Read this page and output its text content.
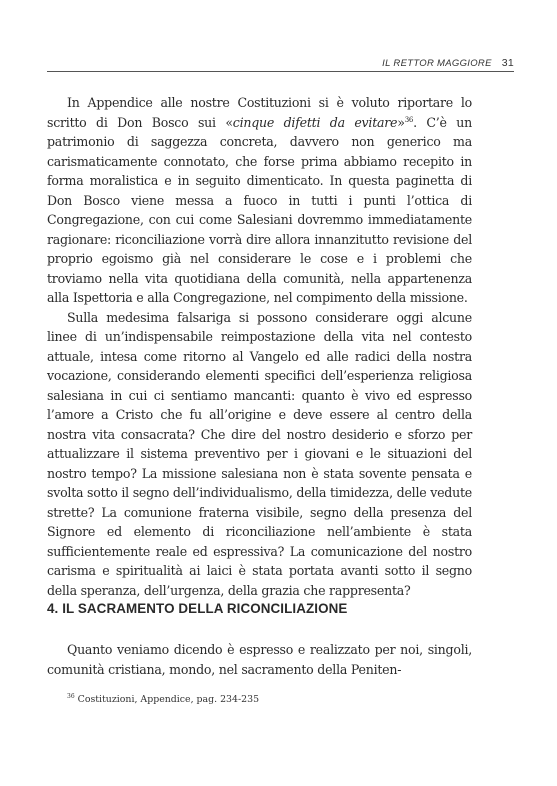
IL RETTOR MAGGIORE 31

In Appendice alle nostre Costituzioni si è voluto riportare lo scritto di Don Bosco sui «cinque difetti da evitare»$^{36}$. C’è un patrimonio di saggezza concreta, davvero non generico ma carismaticamente connotato, che forse prima abbiamo recepito in forma moralistica e in seguito dimenticato. In questa paginetta di Don Bosco viene messa a fuoco in tutti i punti l’ottica di Congregazione, con cui come Salesiani dovremmo immediatamente ragionare: riconciliazione vorrà dire allora innanzitutto revisione del proprio egoismo già nel considerare le cose e i problemi che troviamo nella vita quotidiana della comunità, nella appartenenza alla Ispettoria e alla Congregazione, nel compimento della missione.

Sulla medesima falsariga si possono considerare oggi alcune linee di un’indispensabile reimpostazione della vita nel contesto attuale, intesa come ritorno al Vangelo ed alle radici della nostra vocazione, considerando elementi specifici dell’esperienza religiosa salesiana in cui ci sentiamo mancanti: quanto è vivo ed espresso l’amore a Cristo che fu all’origine e deve essere al centro della nostra vita consacrata? Che dire del nostro desiderio e sforzo per attualizzare il sistema preventivo per i giovani e le situazioni del nostro tempo? La missione salesiana non è stata sovente pensata e svolta sotto il segno dell’individualismo, della timidezza, delle vedute strette? La comunione fraterna visibile, segno della presenza del Signore ed elemento di riconciliazione nell’ambiente è stata sufficientemente reale ed espressiva? La comunicazione del nostro carisma e spiritualità ai laici è stata portata avanti sotto il segno della speranza, dell’urgenza, della grazia che rappresenta?

4. IL SACRAMENTO DELLA RICONCILIAZIONE

Quanto veniamo dicendo è espresso e realizzato per noi, singoli, comunità cristiana, mondo, nel sacramento della Peniten-

$^{36}$ Costituzioni, Appendice, pag. 234-235
